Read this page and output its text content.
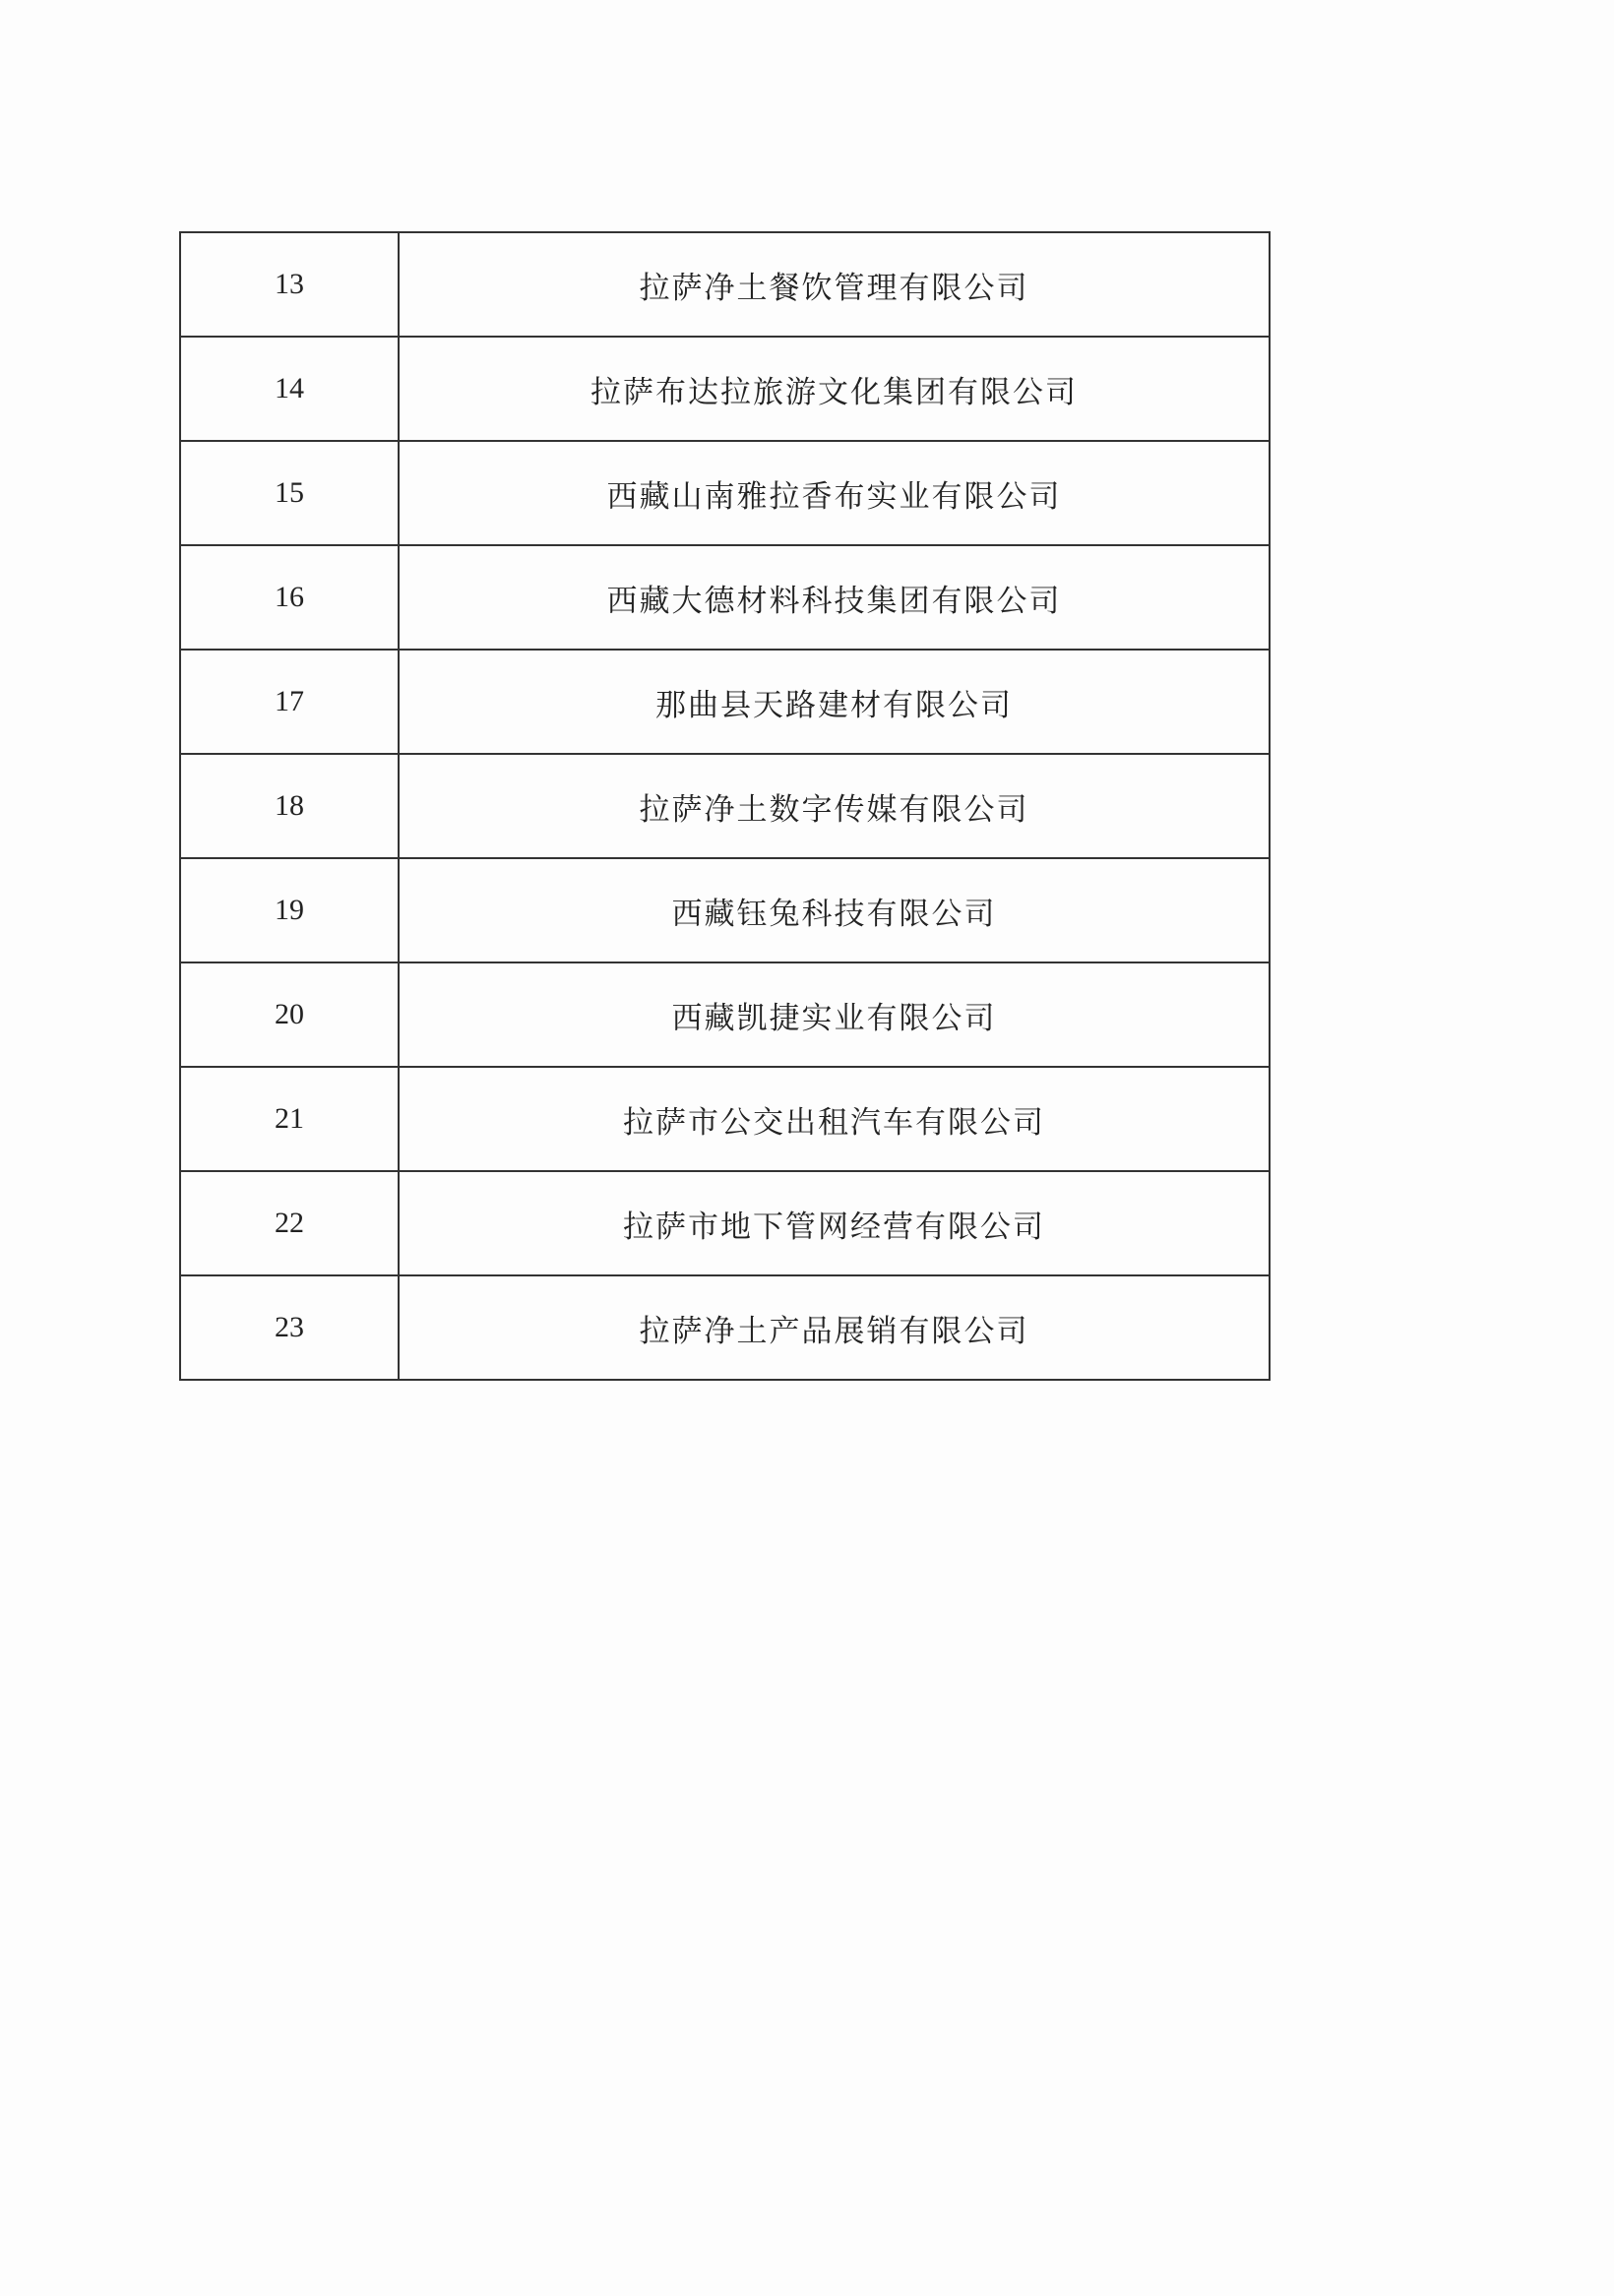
13	拉萨净土餐饮管理有限公司
14	拉萨布达拉旅游文化集团有限公司
15	西藏山南雅拉香布实业有限公司
16	西藏大德材料科技集团有限公司
17	那曲县天路建材有限公司
18	拉萨净土数字传媒有限公司
19	西藏钰兔科技有限公司
20	西藏凯捷实业有限公司
21	拉萨市公交出租汽车有限公司
22	拉萨市地下管网经营有限公司
23	拉萨净土产品展销有限公司
